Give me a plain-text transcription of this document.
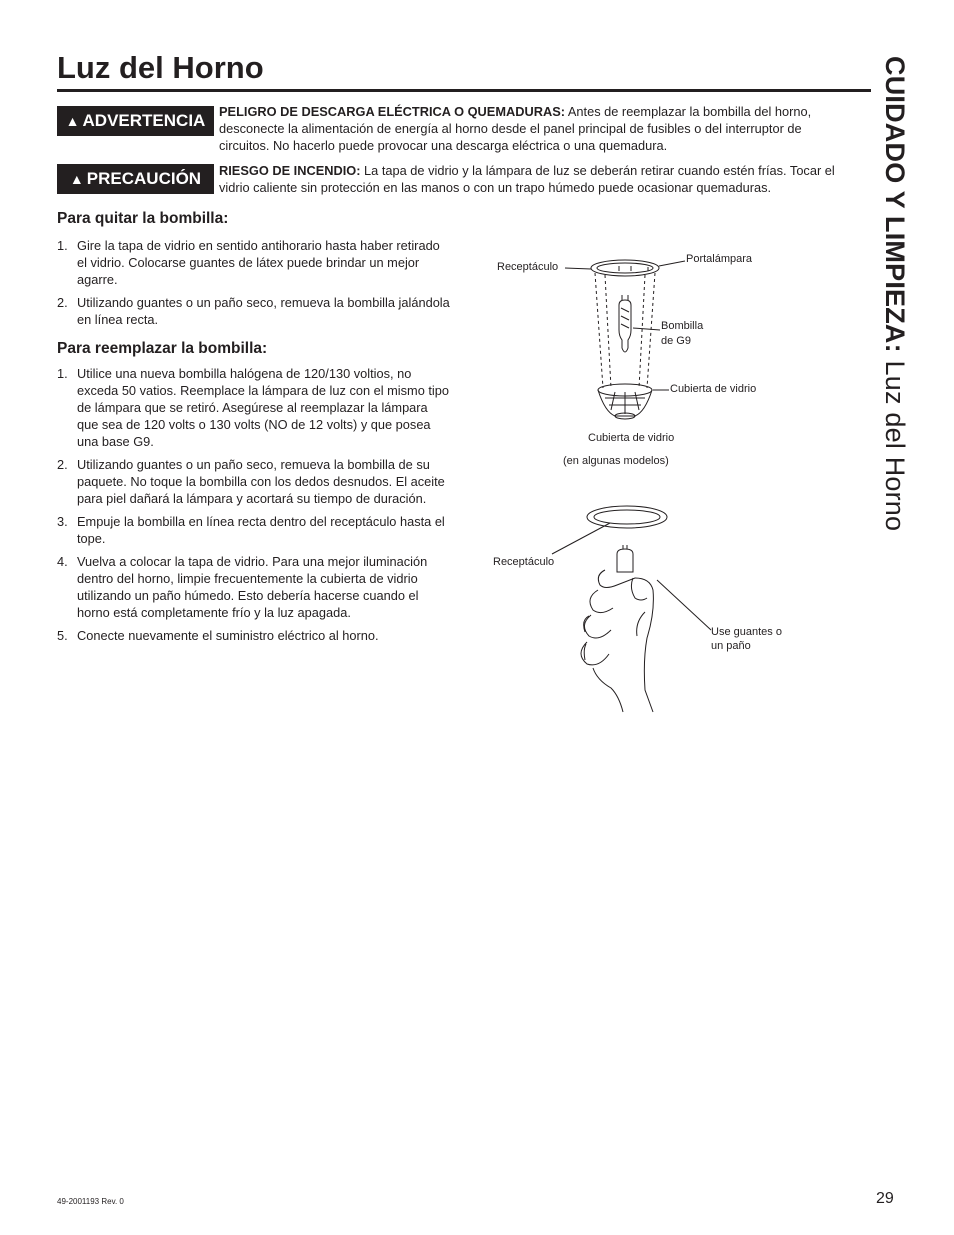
Luz del Horno	CUIDADO Y LIMPIEZA: Luz del Horno
▲ ADVERTENCIA PELIGRO DE DESCARGA ELÉCTRICA O QUEMADURAS: Antes de reemplazar la bombilla del horno, desconecte la alimentación de energía al horno desde el panel principal de fusibles o del interruptor de circuitos. No hacerlo puede provocar una descarga eléctrica o una quemadura.
▲ PRECAUCIÓN RIESGO DE INCENDIO: La tapa de vidrio y la lámpara de luz se deberán retirar cuando estén frías. Tocar el vidrio caliente sin protección en las manos o con un trapo húmedo puede ocasionar quemaduras.
Para quitar la bombilla:
1. Gire la tapa de vidrio en sentido antihorario hasta haber retirado el vidrio. Colocarse guantes de látex puede brindar un mejor agarre.
2. Utilizando guantes o un paño seco, remueva la bombilla jalándola en línea recta.
Para reemplazar la bombilla:
1. Utilice una nueva bombilla halógena de 120/130 voltios, no exceda 50 vatios. Reemplace la lámpara de luz con el mismo tipo de lámpara que se retiró. Asegúrese al reemplazar la lámpara que sea de 120 volts o 130 volts (NO de 12 volts) y que posea una base G9.
2. Utilizando guantes o un paño seco, remueva la bombilla de su paquete. No toque la bombilla con los dedos desnudos. El aceite para piel dañará la lámpara y acortará su tiempo de duración.
3. Empuje la bombilla en línea recta dentro del receptáculo hasta el tope.
4. Vuelva a colocar la tapa de vidrio. Para una mejor iluminación dentro del horno, limpie frecuentemente la cubierta de vidrio utilizando un paño húmedo. Esto debería hacerse cuando el horno está completamente frío y la luz apagada.
5. Conecte nuevamente el suministro eléctrico al horno.
Receptáculo
Portalámpara
Bombilla
de G9
Cubierta de vidrio
Cubierta de vidrio
(en algunas modelos)
Receptáculo
Use guantes o
un paño
49-2001193 Rev. 0	29
